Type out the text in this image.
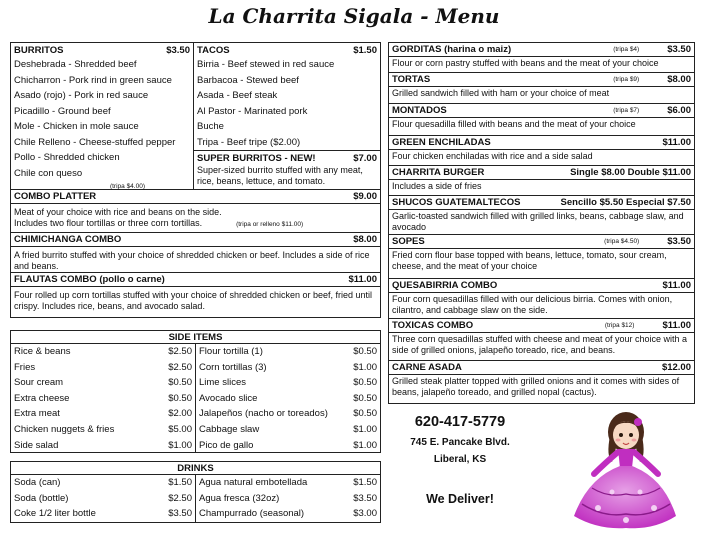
La Charrita Sigala - Menu
BURRITOS	$3.50
Deshebrada - Shredded beef
Chicharron - Pork rind in green sauce
Asado (rojo) - Pork in red sauce
Picadillo - Ground beef
Mole - Chicken in mole sauce
Chile Relleno - Cheese-stuffed pepper
Pollo - Shredded chicken
Chile con queso
(tripa $4.00)
TACOS	$1.50
Birria - Beef stewed in red sauce
Barbacoa - Stewed beef
Asada - Beef steak
Al Pastor - Marinated pork
Buche
Tripa - Beef tripe ($2.00)
SUPER BURRITOS - NEW!	$7.00
Super-sized burrito stuffed with any meat, rice, beans, lettuce, and tomato.
COMBO PLATTER	$9.00
Meat of your choice with rice and beans on the side.
Includes two flour tortillas or three corn tortillas.	(tripa or relleno $11.00)
CHIMICHANGA COMBO	$8.00
A fried burrito stuffed with your choice of shredded chicken or beef. Includes a side of rice and beans.
FLAUTAS COMBO (pollo o carne)	$11.00
Four rolled up corn tortillas stuffed with your choice of shredded chicken or beef, fried until crispy. Includes rice, beans, and avocado salad.
SIDE ITEMS
Rice & beans	$2.50
Fries	$2.50
Sour cream	$0.50
Extra cheese	$0.50
Extra meat	$2.00
Chicken nuggets & fries	$5.00
Side salad	$1.00
Flour tortilla (1)	$0.50
Corn tortillas (3)	$1.00
Lime slices	$0.50
Avocado slice	$0.50
Jalapeños (nacho or toreados)	$0.50
Cabbage slaw	$1.00
Pico de gallo	$1.00
DRINKS
Soda (can)	$1.50
Soda (bottle)	$2.50
Coke 1/2 liter bottle	$3.50
Agua natural embotellada	$1.50
Agua fresca (32oz)	$3.50
Champurrado (seasonal)	$3.00
GORDITAS (harina o maiz)	(tripa $4)	$3.50
Flour or corn pastry stuffed with beans and the meat of your choice
TORTAS	(tripa $9)	$8.00
Grilled sandwich filled with ham or your choice of meat
MONTADOS	(tripa $7)	$6.00
Flour quesadilla filled with beans and the meat of your choice
GREEN ENCHILADAS	$11.00
Four chicken enchiladas with rice and a side salad
CHARRITA BURGER	Single $8.00 Double $11.00
Includes a side of fries
SHUCOS GUATEMALTECOS	Sencillo $5.50 Especial $7.50
Garlic-toasted sandwich filled with grilled links, beans, cabbage slaw, and avocado
SOPES	(tripa $4.50)	$3.50
Fried corn flour base topped with beans, lettuce, tomato, sour cream, cheese, and the meat of your choice
QUESABIRRIA COMBO	$11.00
Four corn quesadillas filled with our delicious birria. Comes with onion, cilantro, and cabbage slaw on the side.
TOXICAS COMBO	(tripa $12)	$11.00
Three corn quesadillas stuffed with cheese and meat of your choice with a side of grilled onions, jalapeño toreado, rice, and beans.
CARNE ASADA	$12.00
Grilled steak platter topped with grilled onions and it comes with sides of beans, jalapeño toreado, and grilled nopal (cactus).
620-417-5779
745 E. Pancake Blvd.
Liberal, KS
We Deliver!
